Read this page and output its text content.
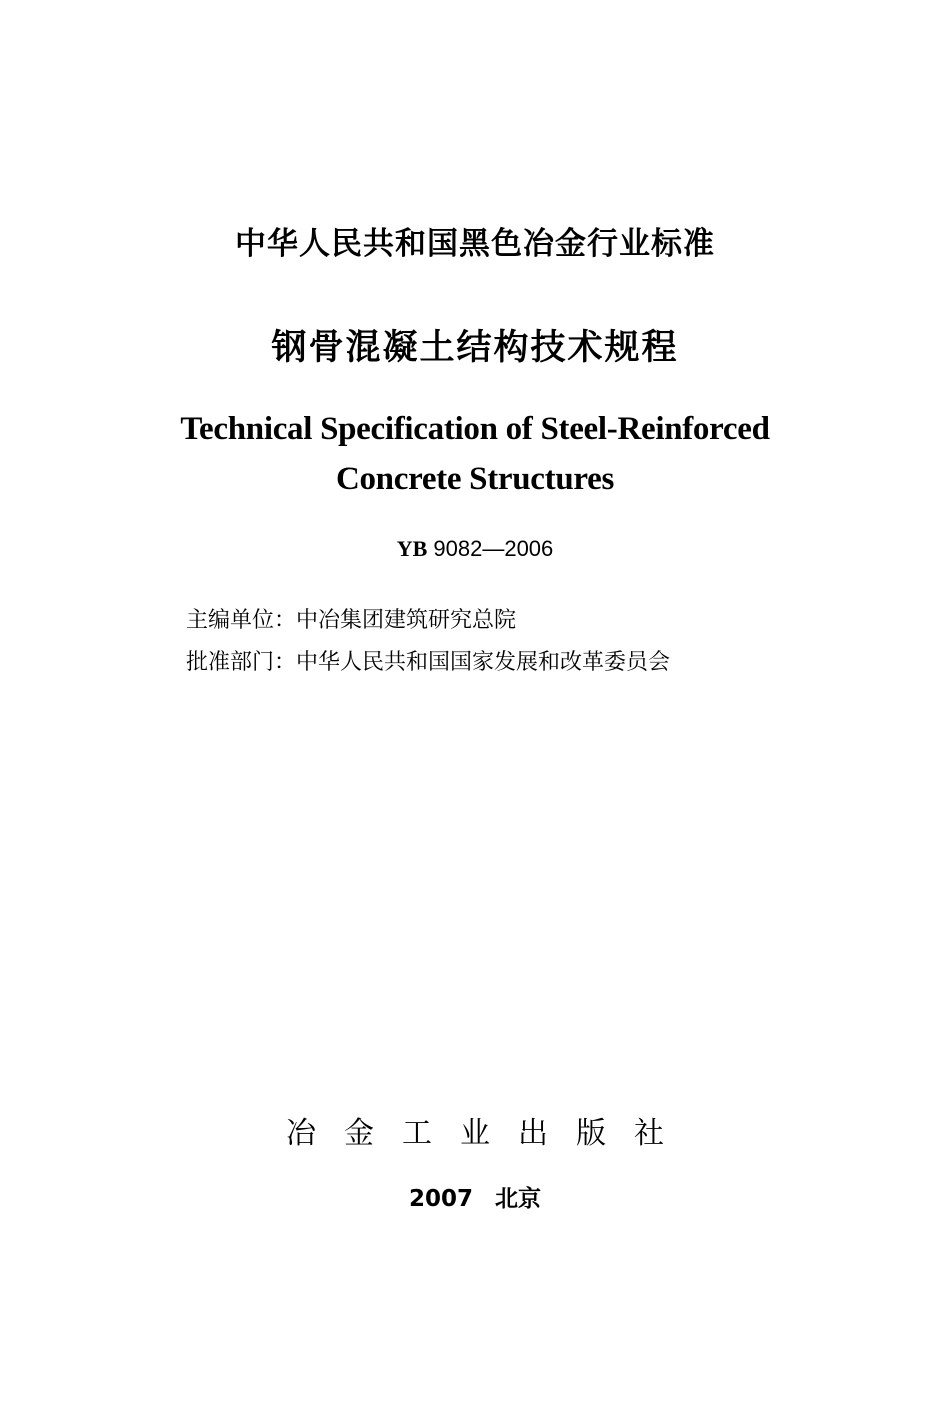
中华人民共和国黑色冶金行业标准
钢骨混凝土结构技术规程
Technical Specification of Steel-Reinforced
Concrete Structures
YB 9082—2006
主编单位：中冶集团建筑研究总院
批准部门：中华人民共和国国家发展和改革委员会
冶金工业出版社
2007 北京
